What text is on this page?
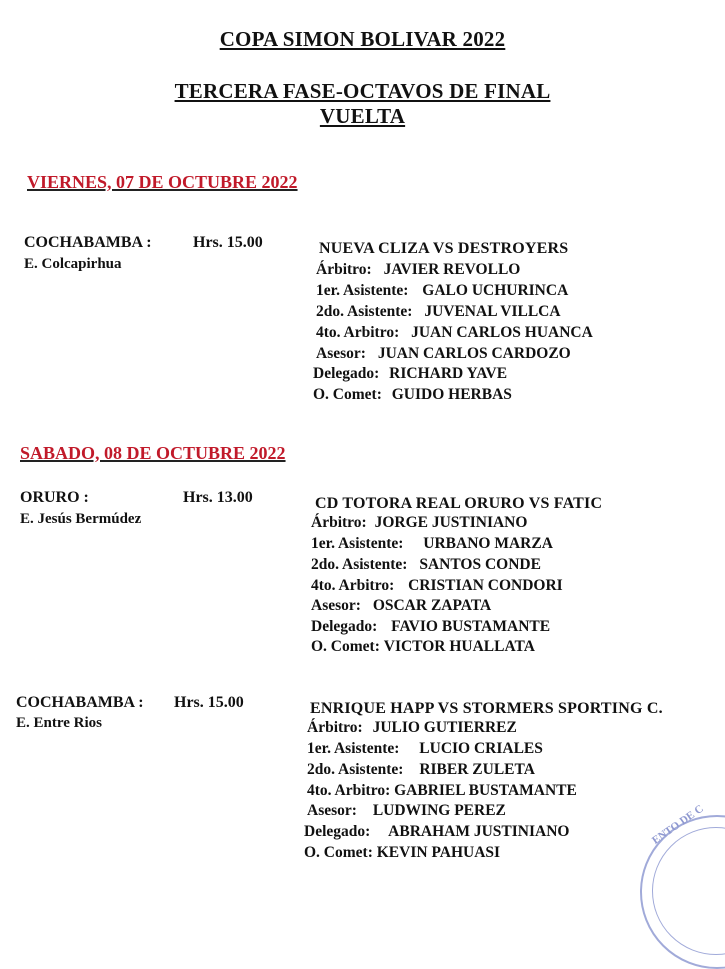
COPA SIMON BOLIVAR 2022
TERCERA FASE-OCTAVOS DE FINAL
VUELTA
VIERNES, 07 DE OCTUBRE 2022
COCHABAMBA :
E. Colcapirhua
Hrs. 15.00	NUEVA CLIZA VS DESTROYERS
Árbitro: JAVIER REVOLLO
1er. Asistente: GALO UCHURINCA
2do. Asistente: JUVENAL VILLCA
4to. Arbitro: JUAN CARLOS HUANCA
Asesor: JUAN CARLOS CARDOZO
Delegado: RICHARD YAVE
O. Comet: GUIDO HERBAS
SABADO, 08 DE OCTUBRE 2022
ORURO :
E. Jesús Bermúdez
Hrs. 13.00	CD TOTORA REAL ORURO VS FATIC
Árbitro: JORGE JUSTINIANO
1er. Asistente: URBANO MARZA
2do. Asistente: SANTOS CONDE
4to. Arbitro: CRISTIAN CONDORI
Asesor: OSCAR ZAPATA
Delegado: FAVIO BUSTAMANTE
O. Comet: VICTOR HUALLATA
COCHABAMBA :
E. Entre Rios
Hrs. 15.00	ENRIQUE HAPP VS STORMERS SPORTING C.
Árbitro: JULIO GUTIERREZ
1er. Asistente: LUCIO CRIALES
2do. Asistente: RIBER ZULETA
4to. Arbitro: GABRIEL BUSTAMANTE
Asesor: LUDWING PEREZ
Delegado: ABRAHAM JUSTINIANO
O. Comet: KEVIN PAHUASI
ENTO DE C
